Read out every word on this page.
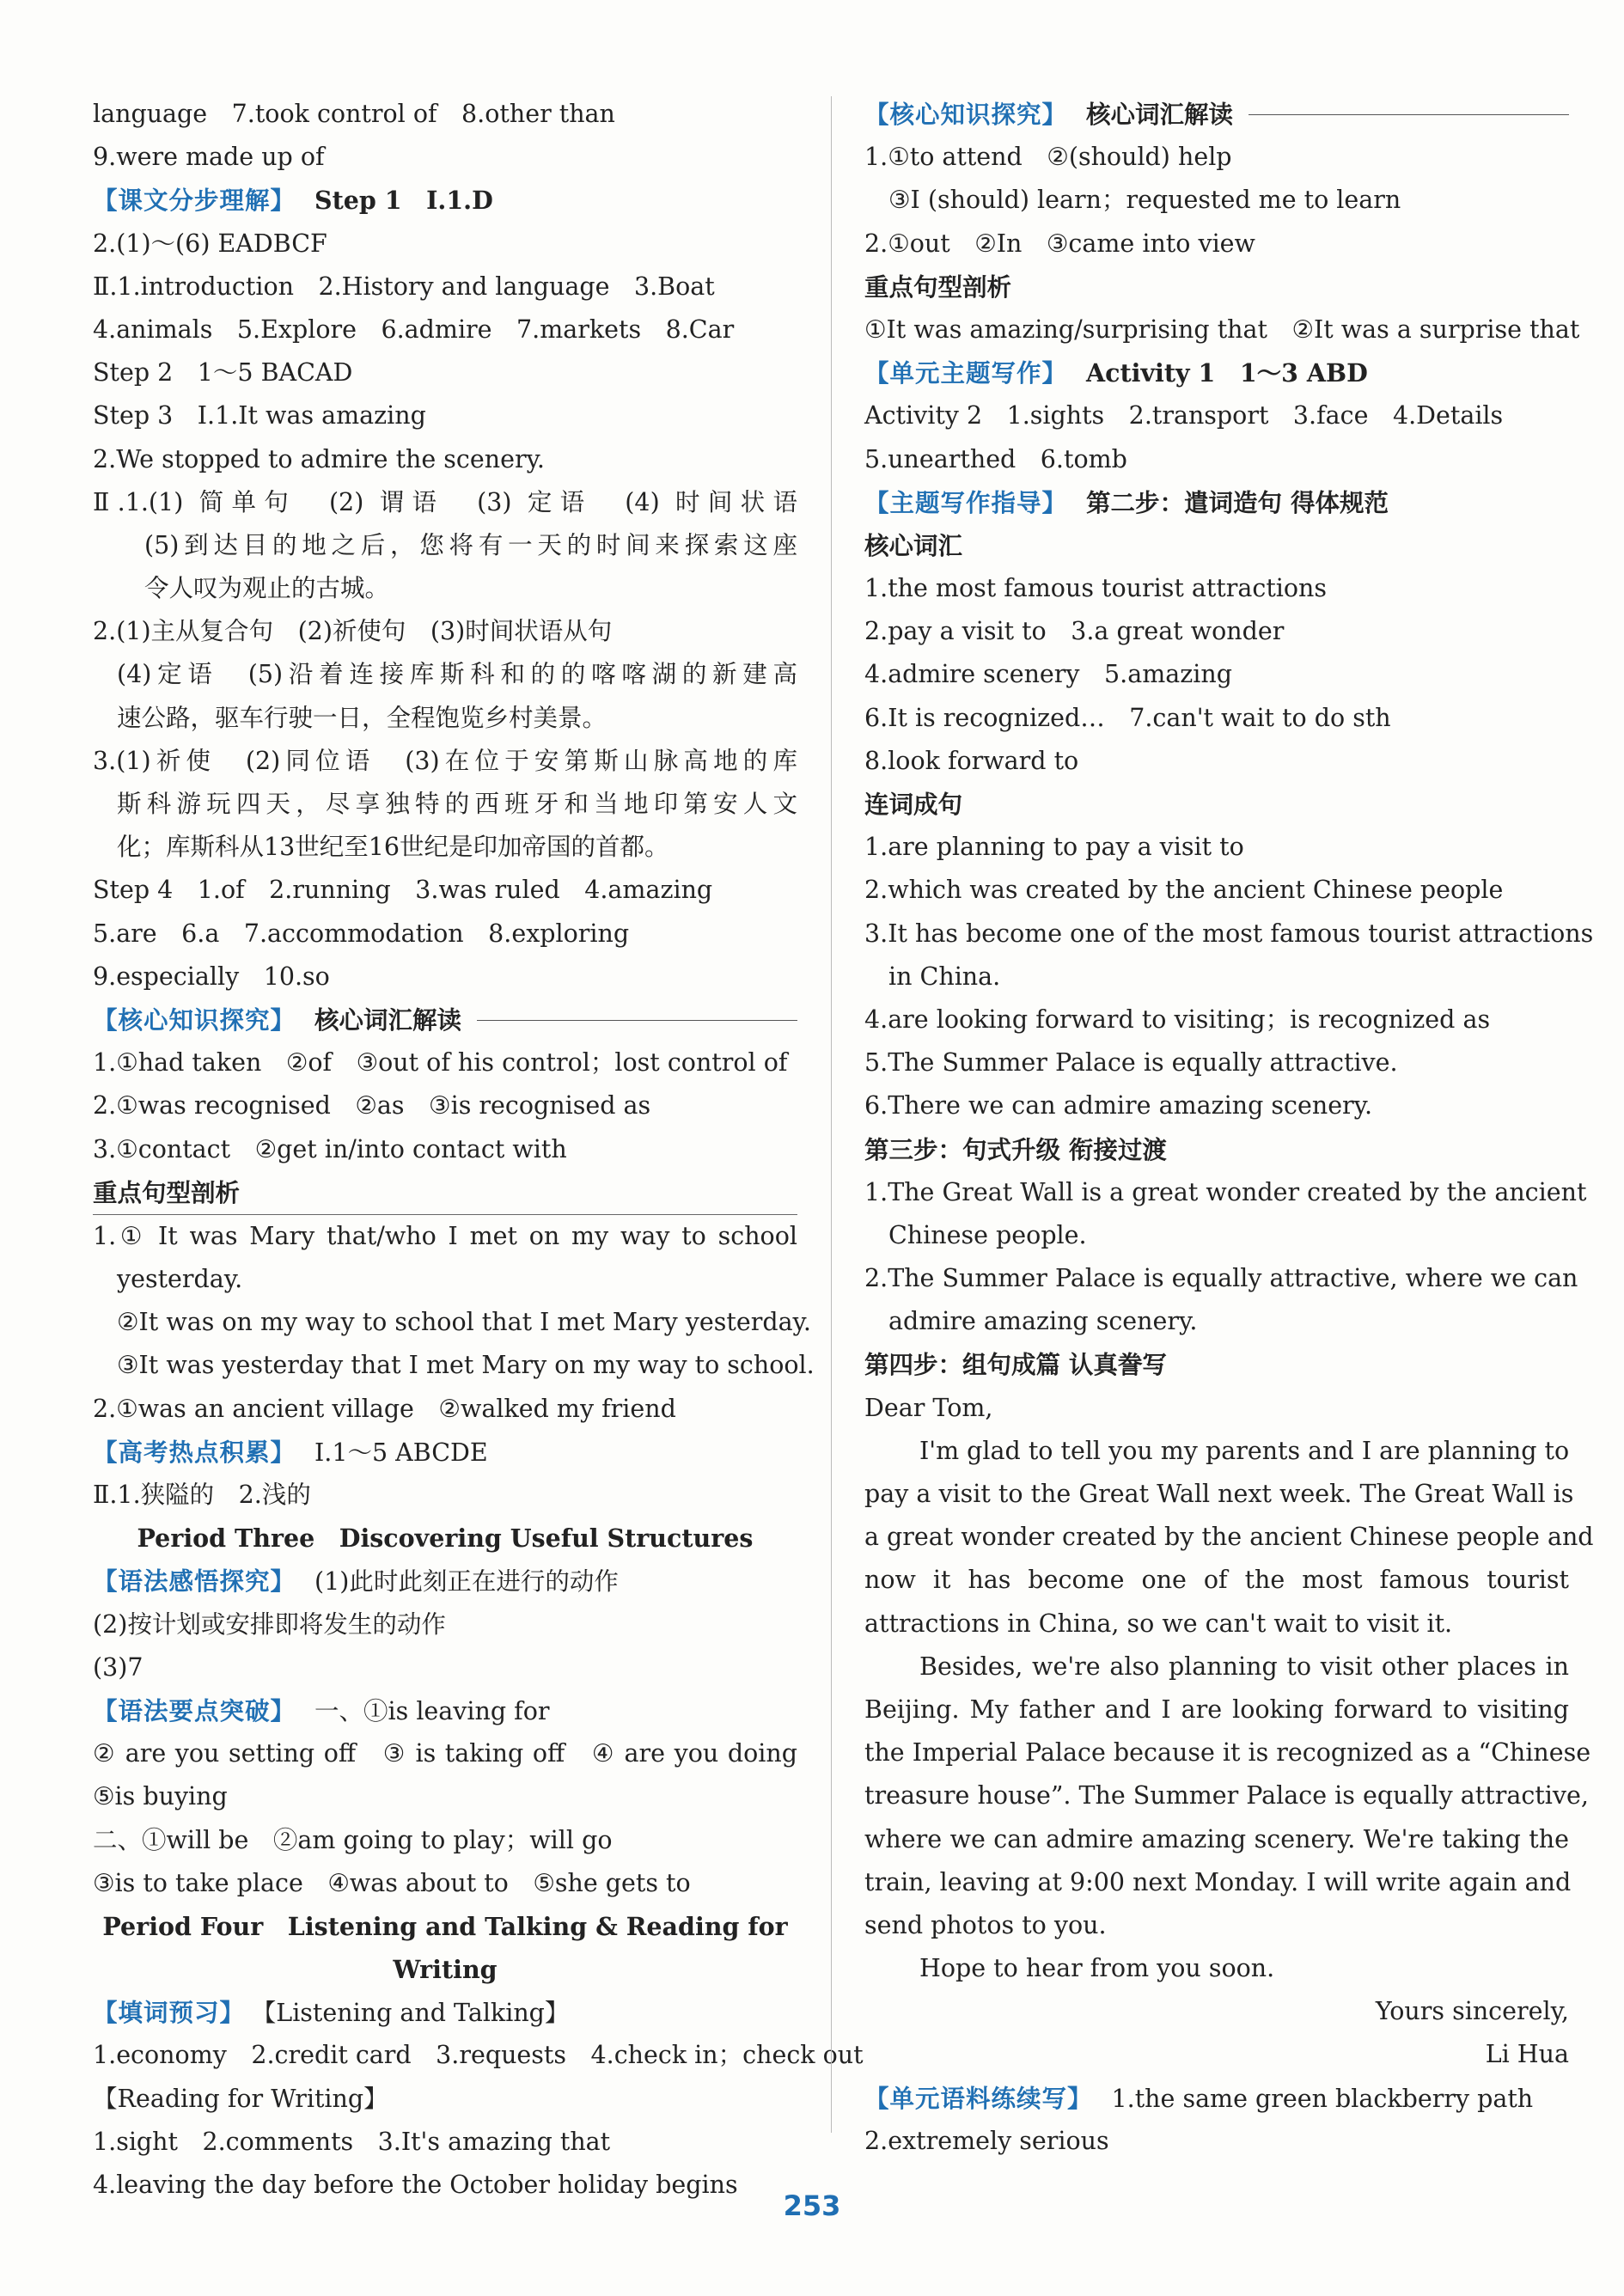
language　7.took control of　8.other than
9.were made up of
【课文分步理解】 Step 1　Ⅰ.1.D
2.(1)～(6) EADBCF
Ⅱ.1.introduction　2.History and language　3.Boat
4.animals　5.Explore　6.admire　7.markets　8.Car
Step 2　1～5 BACAD
Step 3　Ⅰ.1.It was amazing
2.We stopped to admire the scenery.
Ⅱ.1.(1) 简单句　(2) 谓语　(3) 定语　(4) 时间状语
(5)到达目的地之后，您将有一天的时间来探索这座
令人叹为观止的古城。
2.(1)主从复合句　(2)祈使句　(3)时间状语从句
(4)定语　(5)沿着连接库斯科和的的喀喀湖的新建高
速公路，驱车行驶一日，全程饱览乡村美景。
3.(1)祈使　(2)同位语　(3)在位于安第斯山脉高地的库
斯科游玩四天，尽享独特的西班牙和当地印第安人文
化；库斯科从13世纪至16世纪是印加帝国的首都。
Step 4　1.of　2.running　3.was ruled　4.amazing
5.are　6.a　7.accommodation　8.exploring
9.especially　10.so
【核心知识探究】 核心词汇解读
1.①had taken　②of　③out of his control；lost control of
2.①was recognised　②as　③is recognised as
3.①contact　②get in/into contact with
重点句型剖析
1.① It was Mary that/who I met on my way to school
yesterday.
②It was on my way to school that I met Mary yesterday.
③It was yesterday that I met Mary on my way to school.
2.①was an ancient village　②walked my friend
【高考热点积累】 Ⅰ.1～5 ABCDE
Ⅱ.1.狭隘的　2.浅的
Period Three　Discovering Useful Structures
【语法感悟探究】 (1)此时此刻正在进行的动作
(2)按计划或安排即将发生的动作
(3)7
【语法要点突破】 一、①is leaving for
② are you setting off　③ is taking off　④ are you doing
⑤is buying
二、①will be　②am going to play；will go
③is to take place　④was about to　⑤she gets to
Period Four　Listening and Talking & Reading for
Writing
【填词预习】 【Listening and Talking】
1.economy　2.credit card　3.requests　4.check in；check out
【Reading for Writing】
1.sight　2.comments　3.It's amazing that
4.leaving the day before the October holiday begins
【核心知识探究】 核心词汇解读
1.①to attend　②(should) help
③I (should) learn；requested me to learn
2.①out　②In　③came into view
重点句型剖析
①It was amazing/surprising that　②It was a surprise that
【单元主题写作】 Activity 1　1～3 ABD
Activity 2　1.sights　2.transport　3.face　4.Details
5.unearthed　6.tomb
【主题写作指导】 第二步：遣词造句 得体规范
核心词汇
1.the most famous tourist attractions
2.pay a visit to　3.a great wonder
4.admire scenery　5.amazing
6.It is recognized…　7.can't wait to do sth
8.look forward to
连词成句
1.are planning to pay a visit to
2.which was created by the ancient Chinese people
3.It has become one of the most famous tourist attractions
in China.
4.are looking forward to visiting；is recognized as
5.The Summer Palace is equally attractive.
6.There we can admire amazing scenery.
第三步：句式升级 衔接过渡
1.The Great Wall is a great wonder created by the ancient
Chinese people.
2.The Summer Palace is equally attractive, where we can
admire amazing scenery.
第四步：组句成篇 认真誊写
Dear Tom,
I'm glad to tell you my parents and I are planning to
pay a visit to the Great Wall next week. The Great Wall is
a great wonder created by the ancient Chinese people and
now it has become one of the most famous tourist
attractions in China, so we can't wait to visit it.
Besides, we're also planning to visit other places in
Beijing. My father and I are looking forward to visiting
the Imperial Palace because it is recognized as a “Chinese
treasure house”. The Summer Palace is equally attractive,
where we can admire amazing scenery. We're taking the
train, leaving at 9:00 next Monday. I will write again and
send photos to you.
Hope to hear from you soon.
Yours sincerely,
Li Hua
【单元语料练续写】 1.the same green blackberry path
2.extremely serious
253
